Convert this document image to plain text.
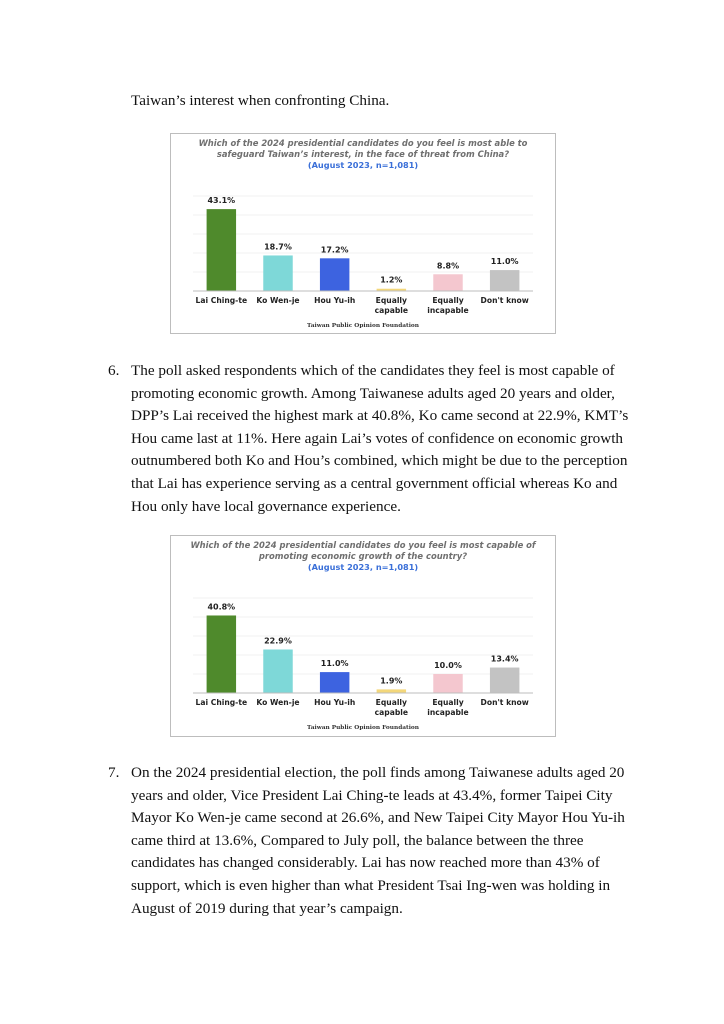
Taiwan’s interest when confronting China.
Which of the 2024 presidential candidates do you feel is most able to
safeguard Taiwan’s interest, in the face of threat from China?
(August 2023, n=1,081)
43.1%
Lai Ching-te
18.7%
Ko Wen-je
17.2%
Hou Yu-ih
1.2%
Equally
capable
8.8%
Equally
incapable
11.0%
Don't know
Taiwan Public Opinion Foundation
6. The poll asked respondents which of the candidates they feel is most capable of
promoting economic growth. Among Taiwanese adults aged 20 years and older,
DPP’s Lai received the highest mark at 40.8%, Ko came second at 22.9%, KMT’s
Hou came last at 11%. Here again Lai’s votes of confidence on economic growth
outnumbered both Ko and Hou’s combined, which might be due to the perception
that Lai has experience serving as a central government official whereas Ko and
Hou only have local governance experience.
Which of the 2024 presidential candidates do you feel is most capable of
promoting economic growth of the country?
(August 2023, n=1,081)
40.8%
Lai Ching-te
22.9%
Ko Wen-je
11.0%
Hou Yu-ih
1.9%
Equally
capable
10.0%
Equally
incapable
13.4%
Don't know
Taiwan Public Opinion Foundation
7. On the 2024 presidential election, the poll finds among Taiwanese adults aged 20
years and older, Vice President Lai Ching-te leads at 43.4%, former Taipei City
Mayor Ko Wen-je came second at 26.6%, and New Taipei City Mayor Hou Yu-ih
came third at 13.6%, Compared to July poll, the balance between the three
candidates has changed considerably. Lai has now reached more than 43% of
support, which is even higher than what President Tsai Ing-wen was holding in
August of 2019 during that year’s campaign.
